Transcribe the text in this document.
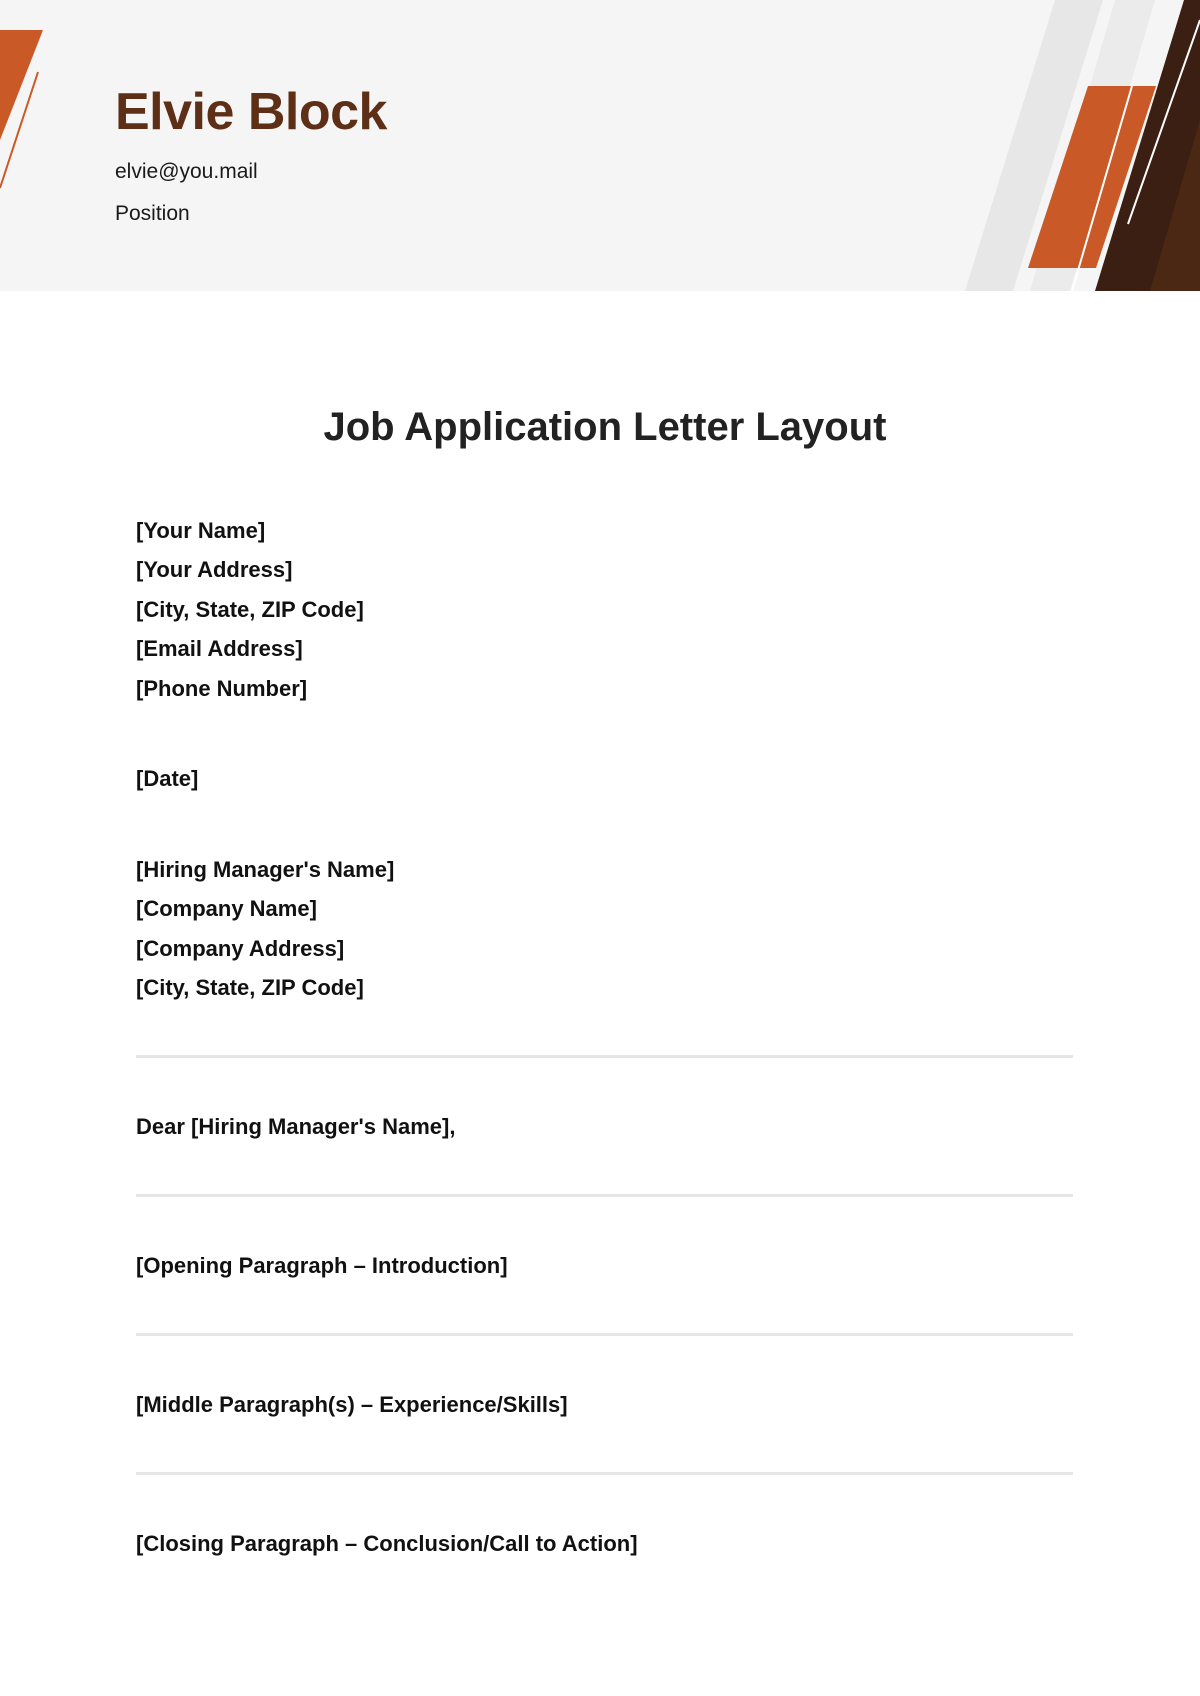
Elvie Block
elvie@you.mail
Position
Job Application Letter Layout
[Your Name]
[Your Address]
[City, State, ZIP Code]
[Email Address]
[Phone Number]
[Date]
[Hiring Manager's Name]
[Company Name]
[Company Address]
[City, State, ZIP Code]
Dear [Hiring Manager's Name],
[Opening Paragraph – Introduction]
[Middle Paragraph(s) – Experience/Skills]
[Closing Paragraph – Conclusion/Call to Action]
